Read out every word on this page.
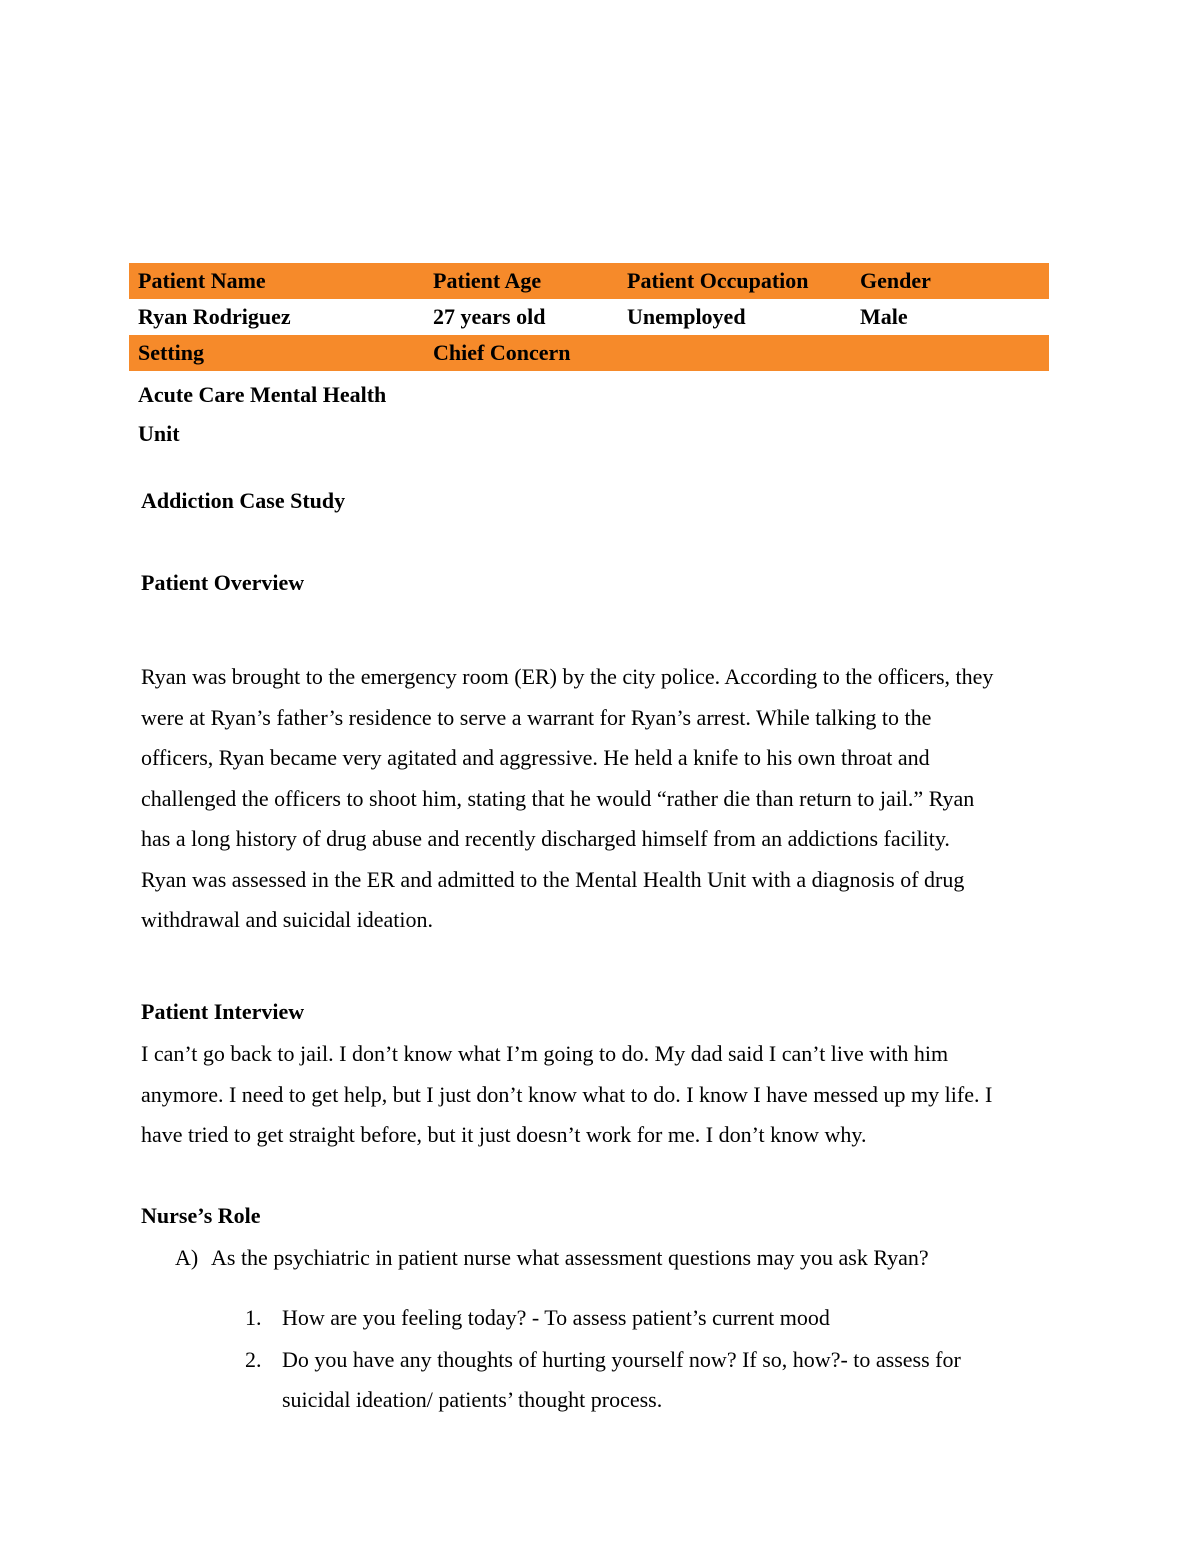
Patient Name	Patient Age	Patient Occupation	Gender
Ryan Rodriguez	27 years old	Unemployed	Male
Setting	Chief Concern		

Acute Care Mental Health
Unit			

Addiction Case Study
Patient Overview

Ryan was brought to the emergency room (ER) by the city police. According to the officers, they

were at Ryan’s father’s residence to serve a warrant for Ryan’s arrest. While talking to the

officers, Ryan became very agitated and aggressive. He held a knife to his own throat and

challenged the officers to shoot him, stating that he would “rather die than return to jail.” Ryan

has a long history of drug abuse and recently discharged himself from an addictions facility.

Ryan was assessed in the ER and admitted to the Mental Health Unit with a diagnosis of drug

withdrawal and suicidal ideation.

Patient Interview

I can’t go back to jail. I don’t know what I’m going to do. My dad said I can’t live with him

anymore. I need to get help, but I just don’t know what to do. I know I have messed up my life. I

have tried to get straight before, but it just doesn’t work for me. I don’t know why.

Nurse’s Role
A) As the psychiatric in patient nurse what assessment questions may you ask Ryan?
1. How are you feeling today? - To assess patient’s current mood
2. Do you have any thoughts of hurting yourself now? If so, how?- to assess for
suicidal ideation/ patients’ thought process.
